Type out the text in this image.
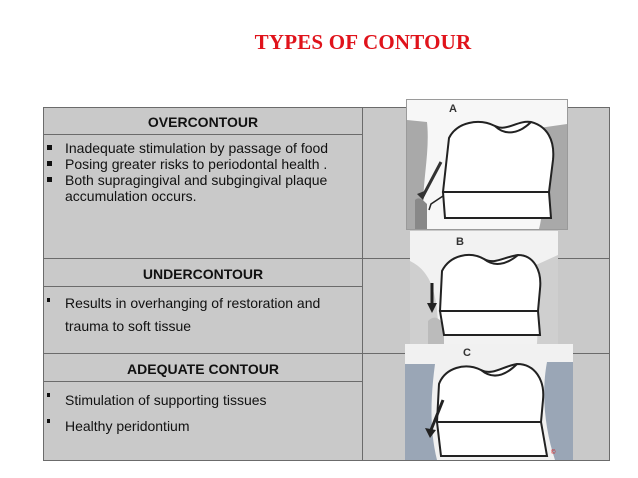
TYPES OF CONTOUR
OVERCONTOUR
Inadequate stimulation by passage of food
Posing greater risks to periodontal health .
Both supragingival and subgingival plaque accumulation occurs.
UNDERCONTOUR
Results in overhanging of restoration and trauma to soft tissue
ADEQUATE CONTOUR
Stimulation of supporting tissues
Healthy peridontium
A
B
C
©
